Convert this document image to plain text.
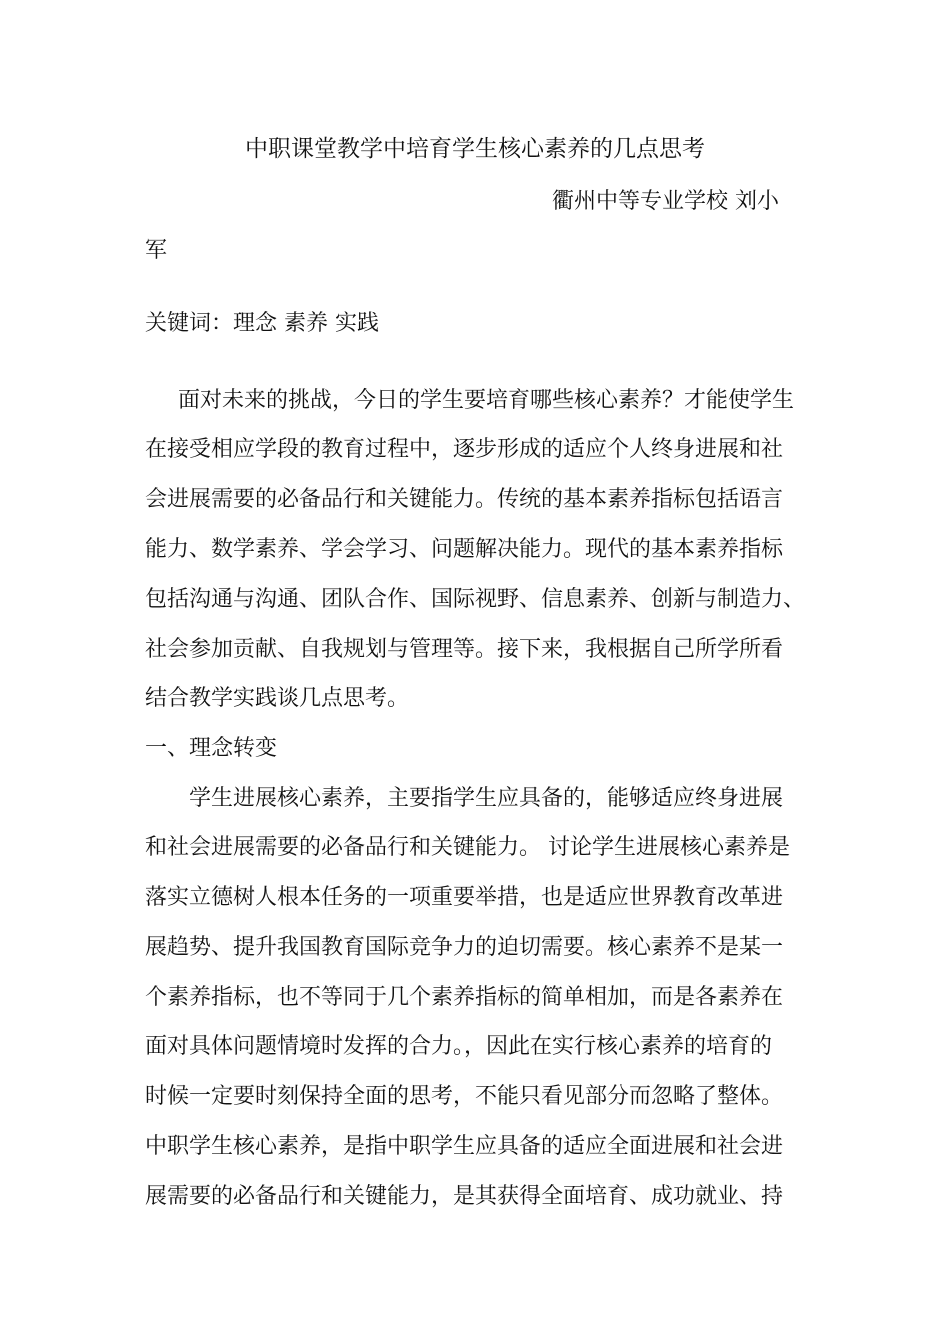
中职课堂教学中培育学生核心素养的几点思考
衢州中等专业学校 刘小
军
关键词：理念 素养 实践
面对未来的挑战，今日的学生要培育哪些核心素养？才能使学生
在接受相应学段的教育过程中，逐步形成的适应个人终身进展和社
会进展需要的必备品行和关键能力。传统的基本素养指标包括语言
能力、数学素养、学会学习、问题解决能力。现代的基本素养指标
包括沟通与沟通、团队合作、国际视野、信息素养、创新与制造力、
社会参加贡献、自我规划与管理等。接下来，我根据自己所学所看
结合教学实践谈几点思考。
一、理念转变
学生进展核心素养，主要指学生应具备的，能够适应终身进展
和社会进展需要的必备品行和关键能力。 讨论学生进展核心素养是
落实立德树人根本任务的一项重要举措，也是适应世界教育改革进
展趋势、提升我国教育国际竞争力的迫切需要。核心素养不是某一
个素养指标，也不等同于几个素养指标的简单相加，而是各素养在
面对具体问题情境时发挥的合力。，因此在实行核心素养的培育的
时候一定要时刻保持全面的思考，不能只看见部分而忽略了整体。
中职学生核心素养，是指中职学生应具备的适应全面进展和社会进
展需要的必备品行和关键能力，是其获得全面培育、成功就业、持
